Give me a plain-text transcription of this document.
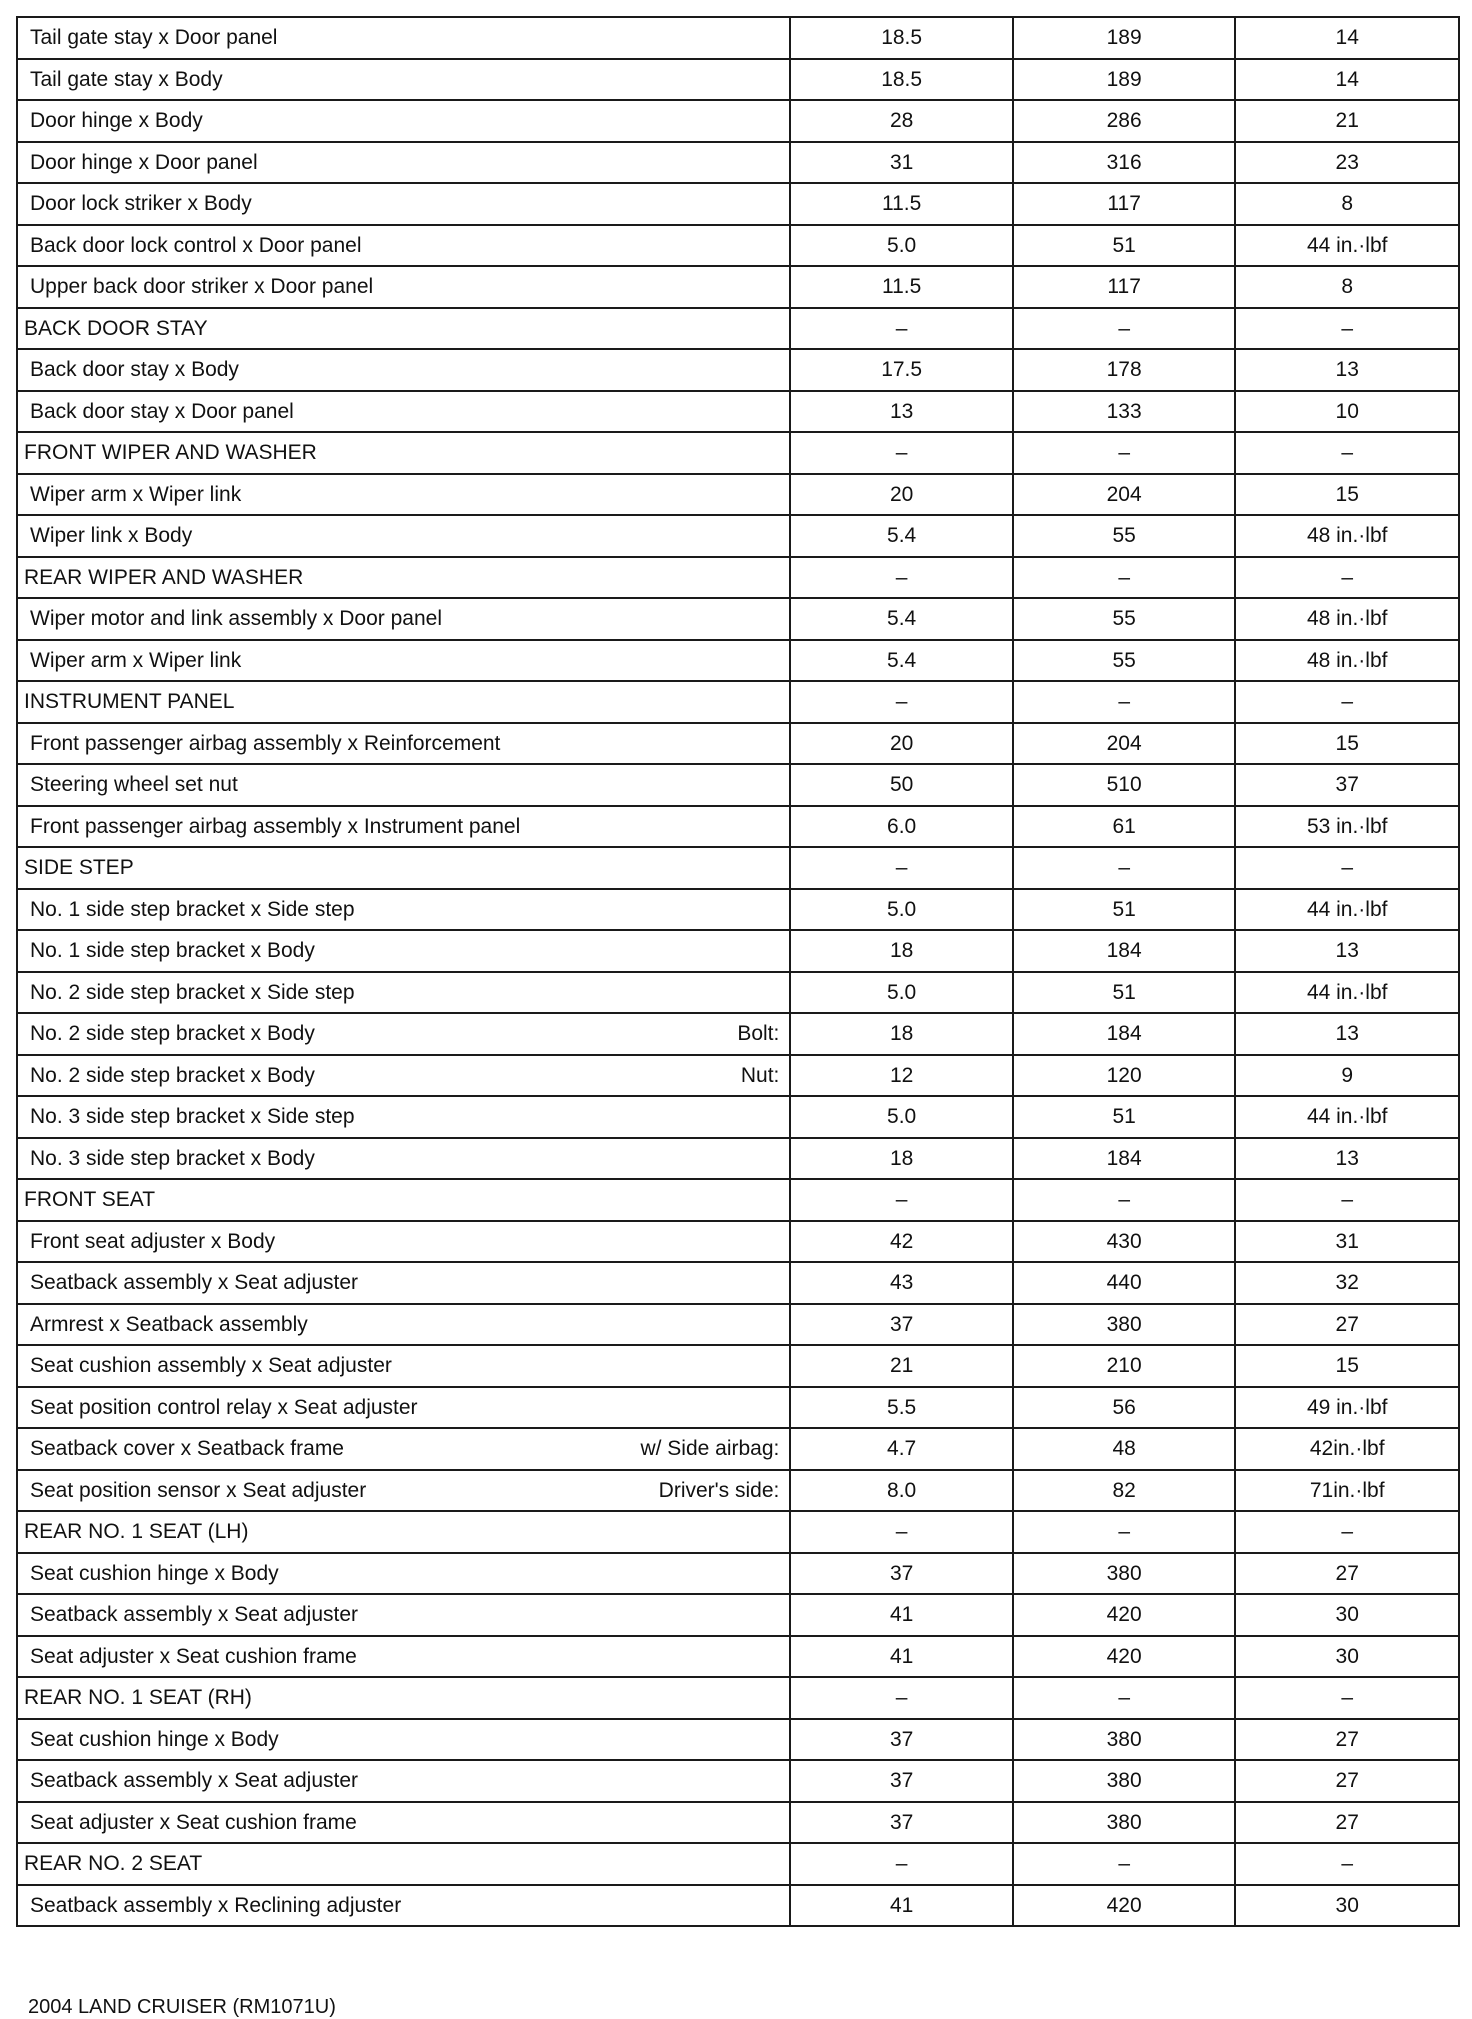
Tail gate stay x Door panel	18.5	189	14

Tail gate stay x Body	18.5	189	14

Door hinge x Body	28	286	21

Door hinge x Door panel	31	316	23

Door lock striker x Body	11.5	117	8

Back door lock control x Door panel	5.0	51	44 in.·lbf

Upper back door striker x Door panel	11.5	117	8

BACK DOOR STAY	–	–	–

Back door stay x Body	17.5	178	13

Back door stay x Door panel	13	133	10

FRONT WIPER AND WASHER	–	–	–

Wiper arm x Wiper link	20	204	15

Wiper link x Body	5.4	55	48 in.·lbf

REAR WIPER AND WASHER	–	–	–

Wiper motor and link assembly x Door panel	5.4	55	48 in.·lbf

Wiper arm x Wiper link	5.4	55	48 in.·lbf

INSTRUMENT PANEL	–	–	–

Front passenger airbag assembly x Reinforcement	20	204	15

Steering wheel set nut	50	510	37

Front passenger airbag assembly x Instrument panel	6.0	61	53 in.·lbf

SIDE STEP	–	–	–

No. 1 side step bracket x Side step	5.0	51	44 in.·lbf

No. 1 side step bracket x Body	18	184	13

No. 2 side step bracket x Side step	5.0	51	44 in.·lbf

No. 2 side step bracket x Body Bolt:	18	184	13

No. 2 side step bracket x Body Nut:	12	120	9

No. 3 side step bracket x Side step	5.0	51	44 in.·lbf

No. 3 side step bracket x Body	18	184	13

FRONT SEAT	–	–	–

Front seat adjuster x Body	42	430	31

Seatback assembly x Seat adjuster	43	440	32

Armrest x Seatback assembly	37	380	27

Seat cushion assembly x Seat adjuster	21	210	15

Seat position control relay x Seat adjuster	5.5	56	49 in.·lbf

Seatback cover x Seatback frame w/ Side airbag:	4.7	48	42in.·lbf

Seat position sensor x Seat adjuster Driver's side:	8.0	82	71in.·lbf

REAR NO. 1 SEAT (LH)	–	–	–

Seat cushion hinge x Body	37	380	27

Seatback assembly x Seat adjuster	41	420	30

Seat adjuster x Seat cushion frame	41	420	30

REAR NO. 1 SEAT (RH)	–	–	–

Seat cushion hinge x Body	37	380	27

Seatback assembly x Seat adjuster	37	380	27

Seat adjuster x Seat cushion frame	37	380	27

REAR NO. 2 SEAT	–	–	–

Seatback assembly x Reclining adjuster	41	420	30
2004 LAND CRUISER (RM1071U)
